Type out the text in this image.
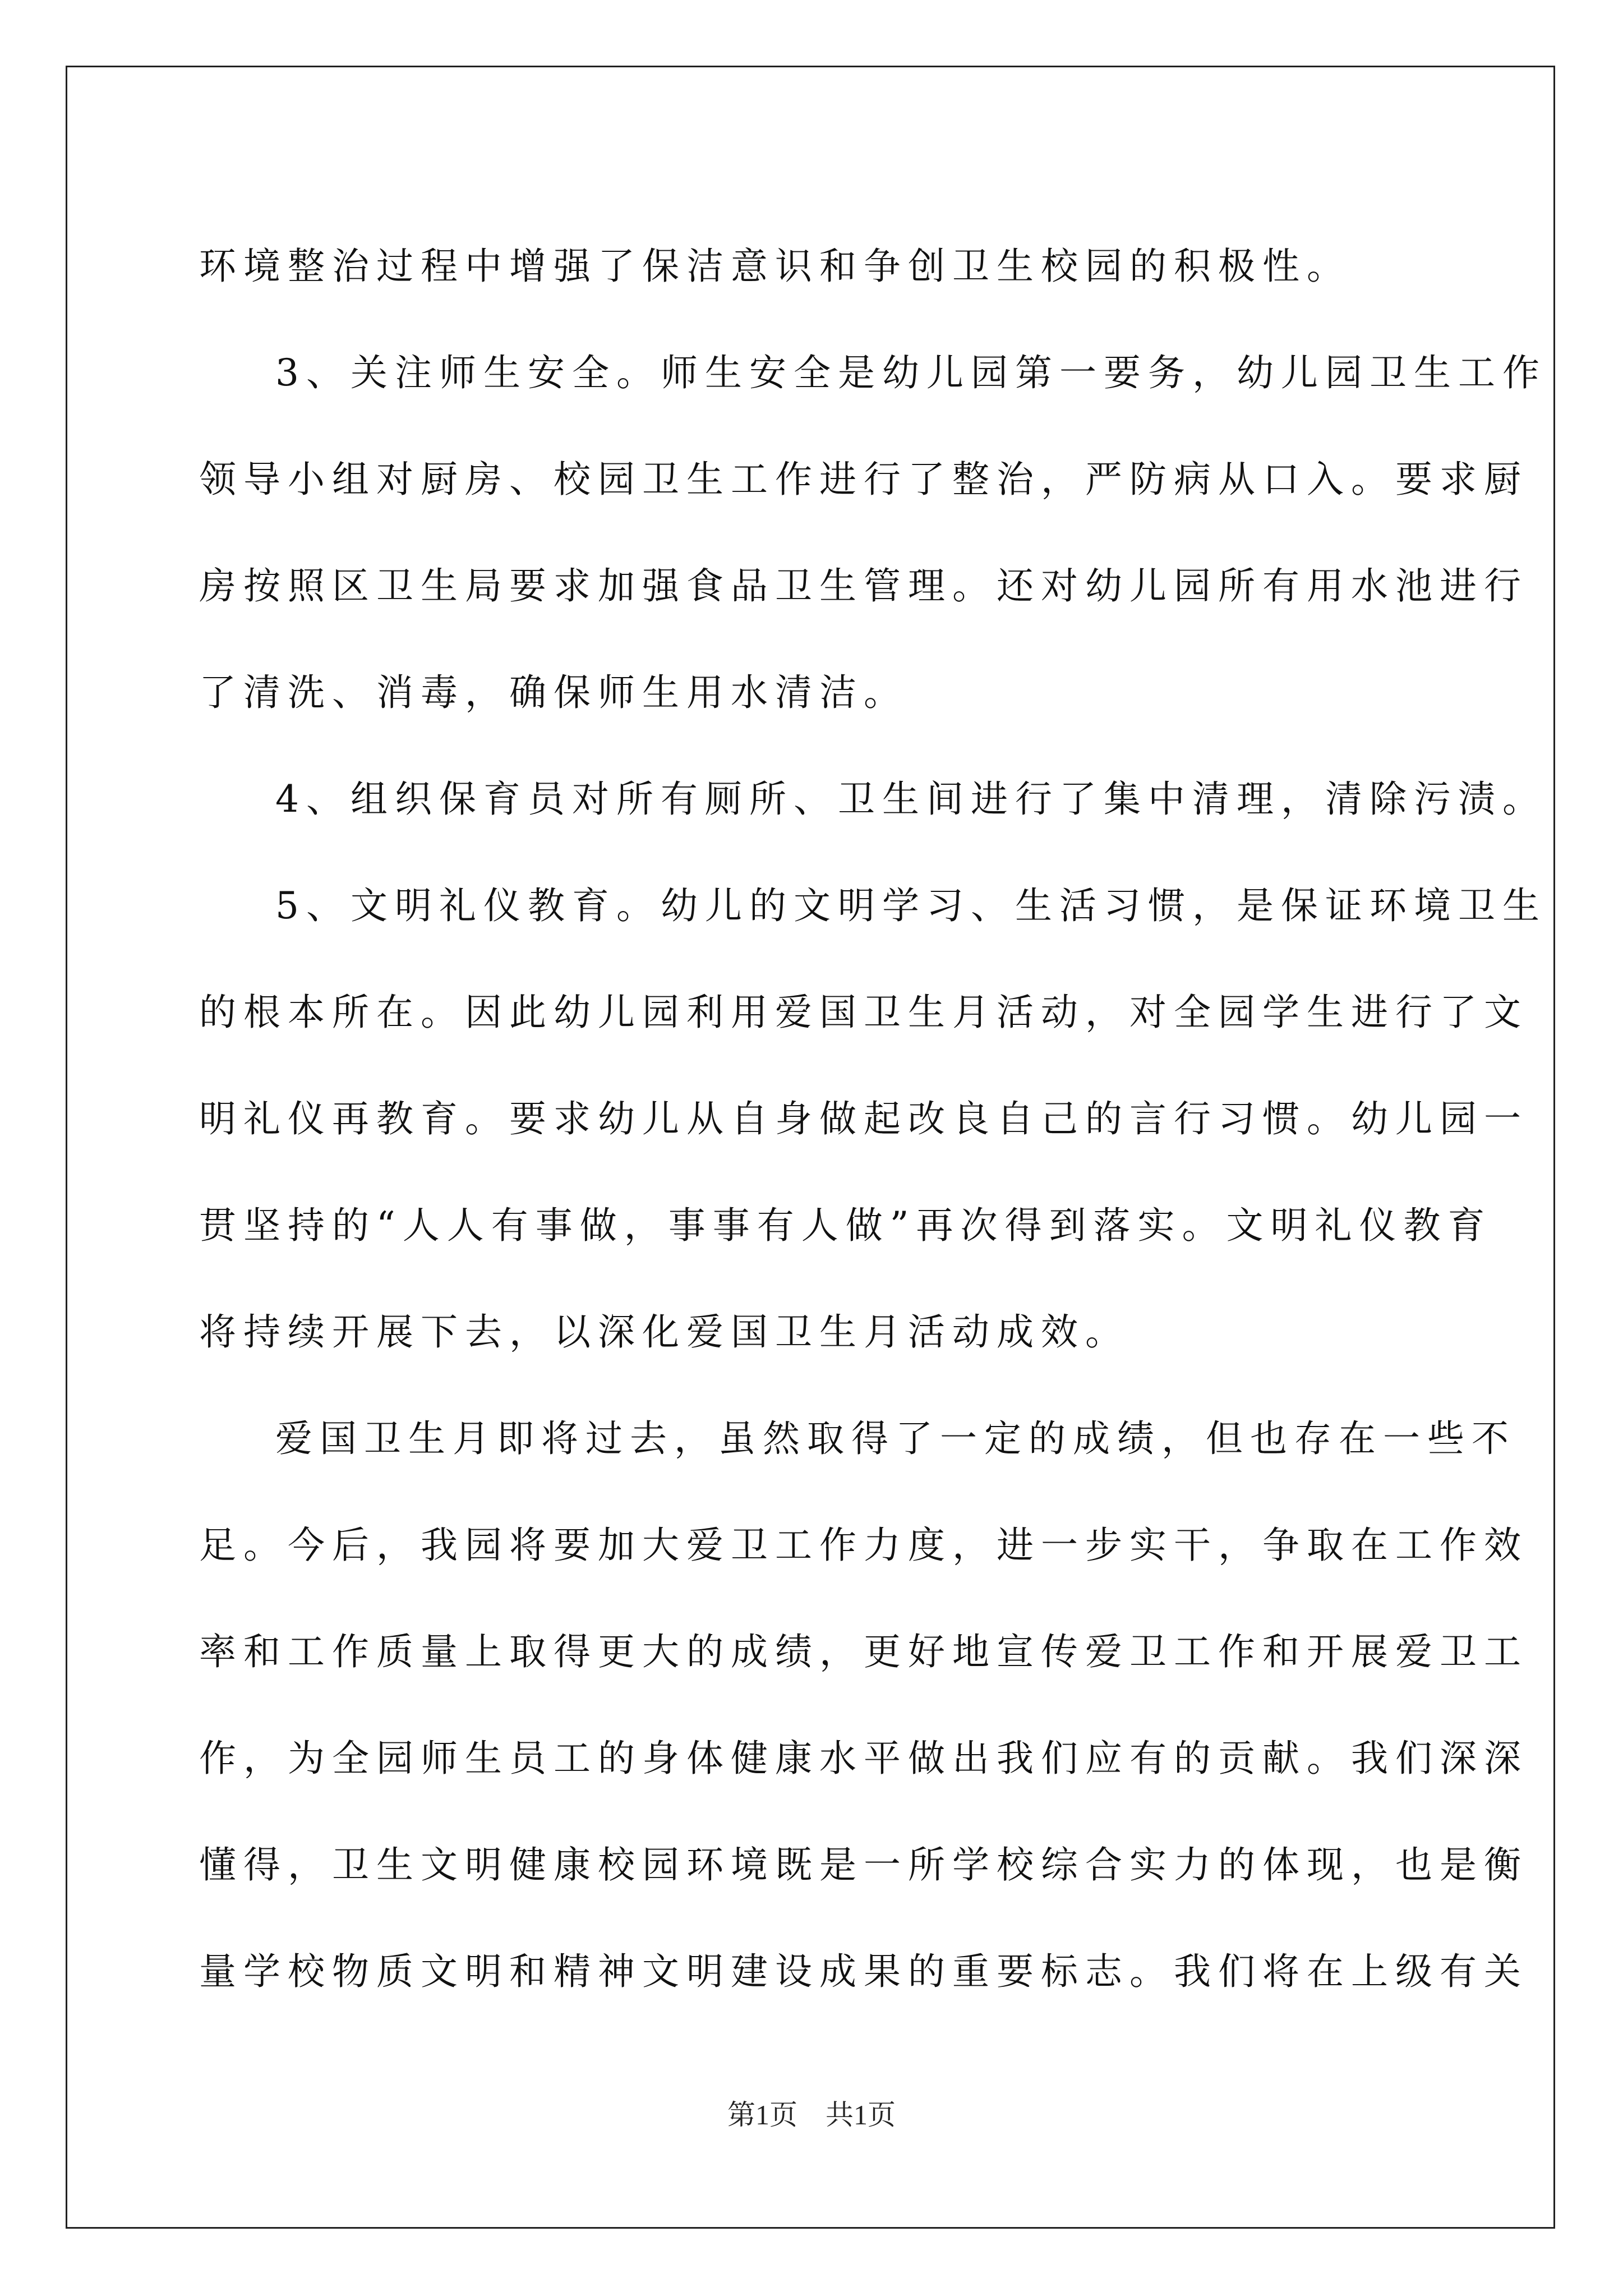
环境整治过程中增强了保洁意识和争创卫生校园的积极性。
3、关注师生安全。师生安全是幼儿园第一要务，幼儿园卫生工作
领导小组对厨房、校园卫生工作进行了整治，严防病从口入。要求厨
房按照区卫生局要求加强食品卫生管理。还对幼儿园所有用水池进行
了清洗、消毒，确保师生用水清洁。
4、组织保育员对所有厕所、卫生间进行了集中清理，清除污渍。
5、文明礼仪教育。幼儿的文明学习、生活习惯，是保证环境卫生
的根本所在。因此幼儿园利用爱国卫生月活动，对全园学生进行了文
明礼仪再教育。要求幼儿从自身做起改良自己的言行习惯。幼儿园一
贯坚持的“人人有事做，事事有人做”再次得到落实。文明礼仪教育
将持续开展下去，以深化爱国卫生月活动成效。
爱国卫生月即将过去，虽然取得了一定的成绩，但也存在一些不
足。今后，我园将要加大爱卫工作力度，进一步实干，争取在工作效
率和工作质量上取得更大的成绩，更好地宣传爱卫工作和开展爱卫工
作，为全园师生员工的身体健康水平做出我们应有的贡献。我们深深
懂得，卫生文明健康校园环境既是一所学校综合实力的体现，也是衡
量学校物质文明和精神文明建设成果的重要标志。我们将在上级有关
第1页　共1页
